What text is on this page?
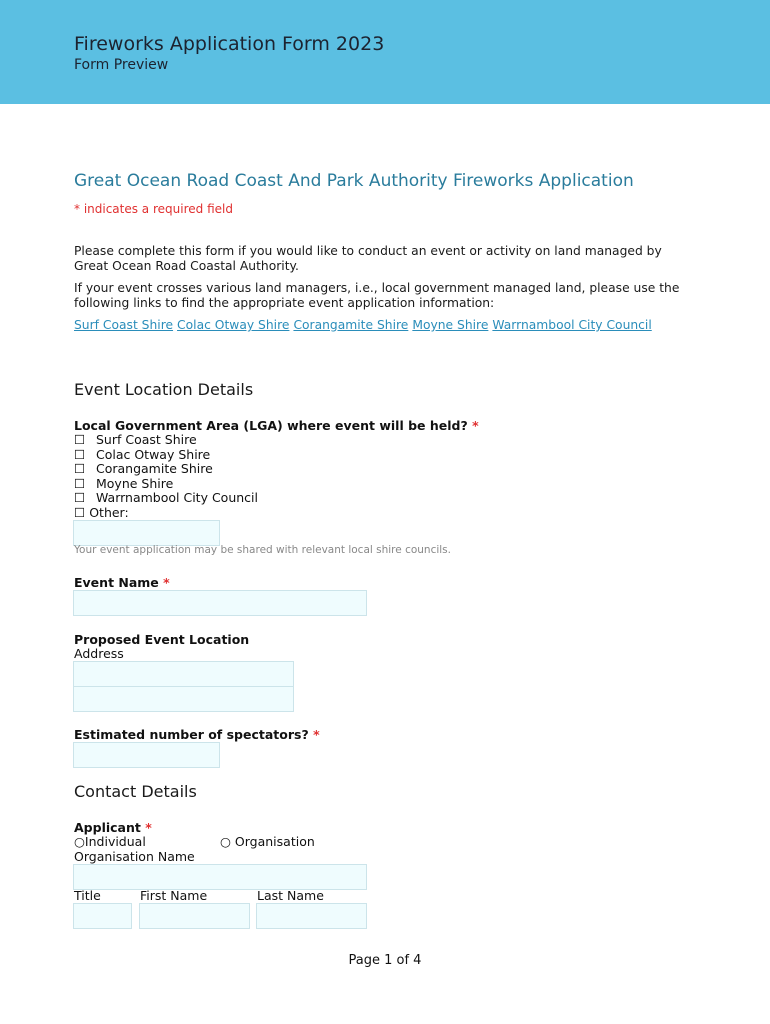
Fireworks Application Form 2023
Form Preview
Great Ocean Road Coast And Park Authority Fireworks Application
* indicates a required field
Please complete this form if you would like to conduct an event or activity on land managed by Great Ocean Road Coastal Authority.
If your event crosses various land managers, i.e., local government managed land, please use the following links to find the appropriate event application information:
Surf Coast Shire Colac Otway Shire Corangamite Shire Moyne Shire Warrnambool City Council
Event Location Details
Local Government Area (LGA) where event will be held? *
☐ Surf Coast Shire
☐ Colac Otway Shire
☐ Corangamite Shire
☐ Moyne Shire
☐ Warrnambool City Council
☐ Other:
Your event application may be shared with relevant local shire councils.
Event Name *
Proposed Event Location
Address
Estimated number of spectators? *
Contact Details
Applicant *
○Individual	○ Organisation
Organisation Name
Title	First Name	Last Name
Page 1 of 4
